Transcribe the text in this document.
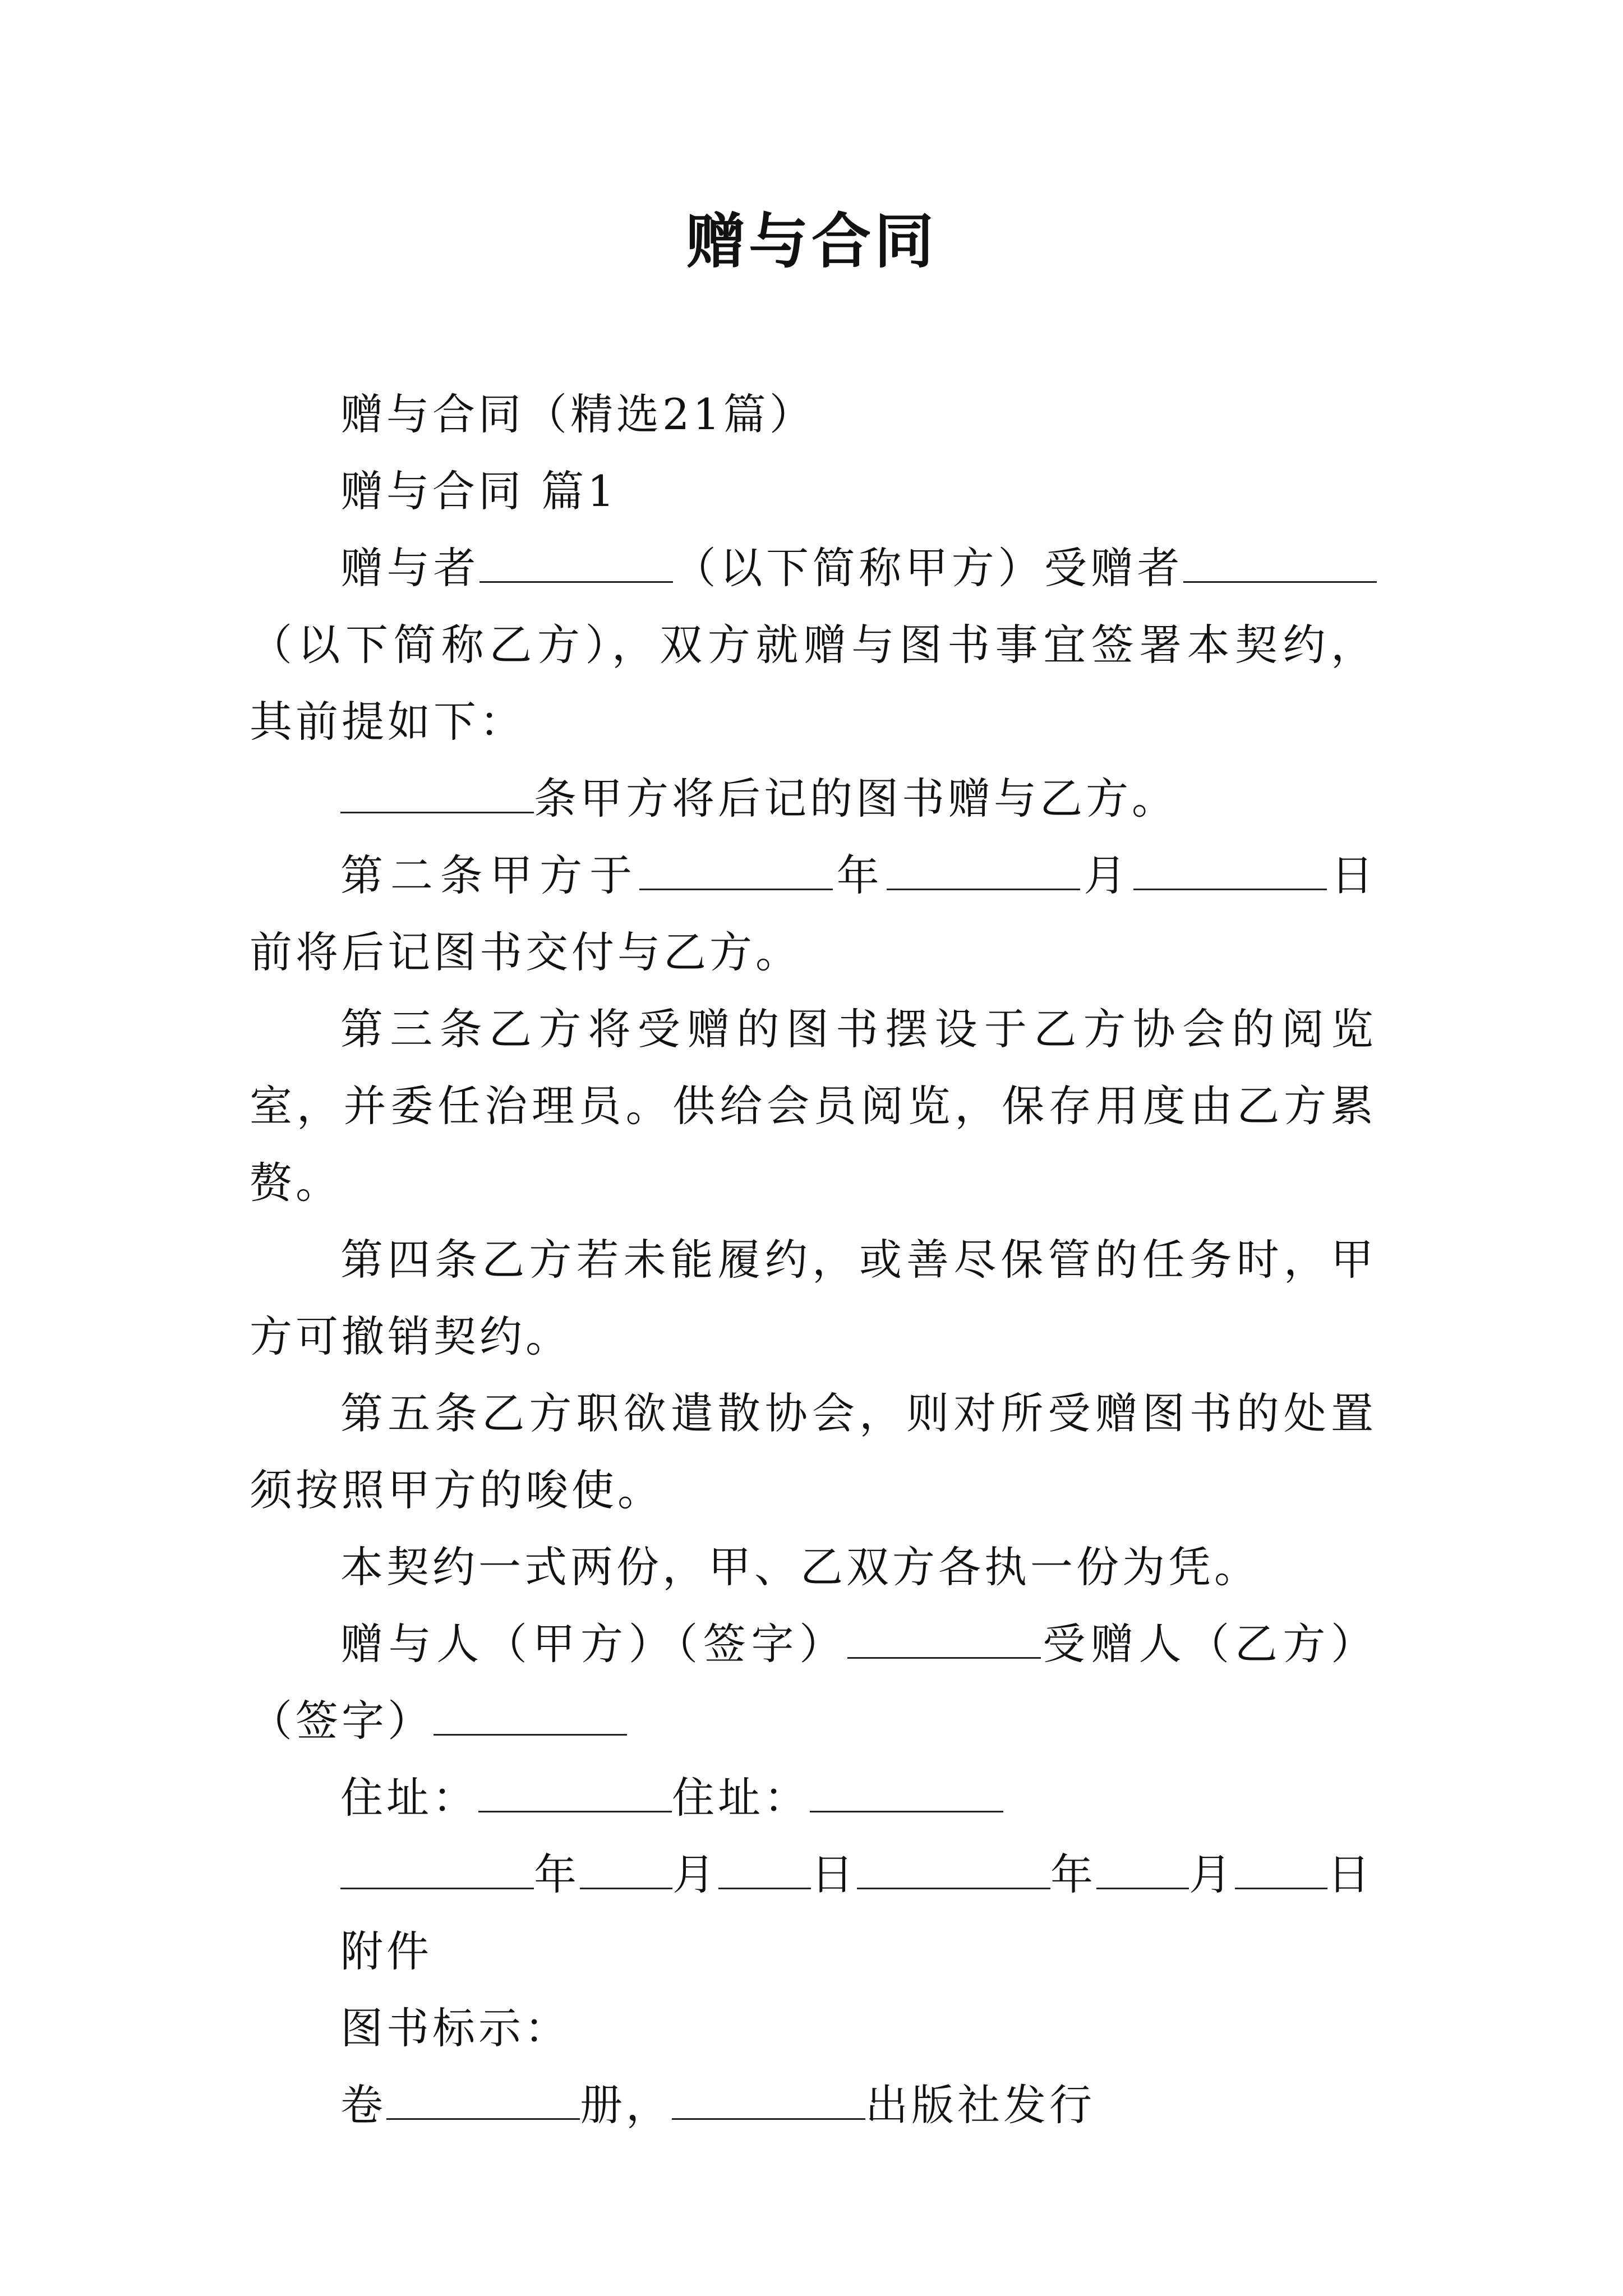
赠与合同

赠与合同（精选21篇）

赠与合同 篇1

赠与者	（以下简称甲方）受赠者（以下简称乙方），双方就赠与图书事宜签署本契约，其前提如下：

条甲方将后记的图书赠与乙方。

第二条甲方于	年	月	日前将后记图书交付与乙方。

第三条乙方将受赠的图书摆设于乙方协会的阅览室，并委任治理员。供给会员阅览，保存用度由乙方累赘。

第四条乙方若未能履约，或善尽保管的任务时，甲方可撤销契约。

第五条乙方职欲遣散协会，则对所受赠图书的处置须按照甲方的唆使。

本契约一式两份，甲、乙双方各执一份为凭。

赠与人（甲方）（签字）	受赠人（乙方）（签字）

住址：	住址：

年 月 日	年 月 日

附件

图书标示：

卷	册，	出版社发行
